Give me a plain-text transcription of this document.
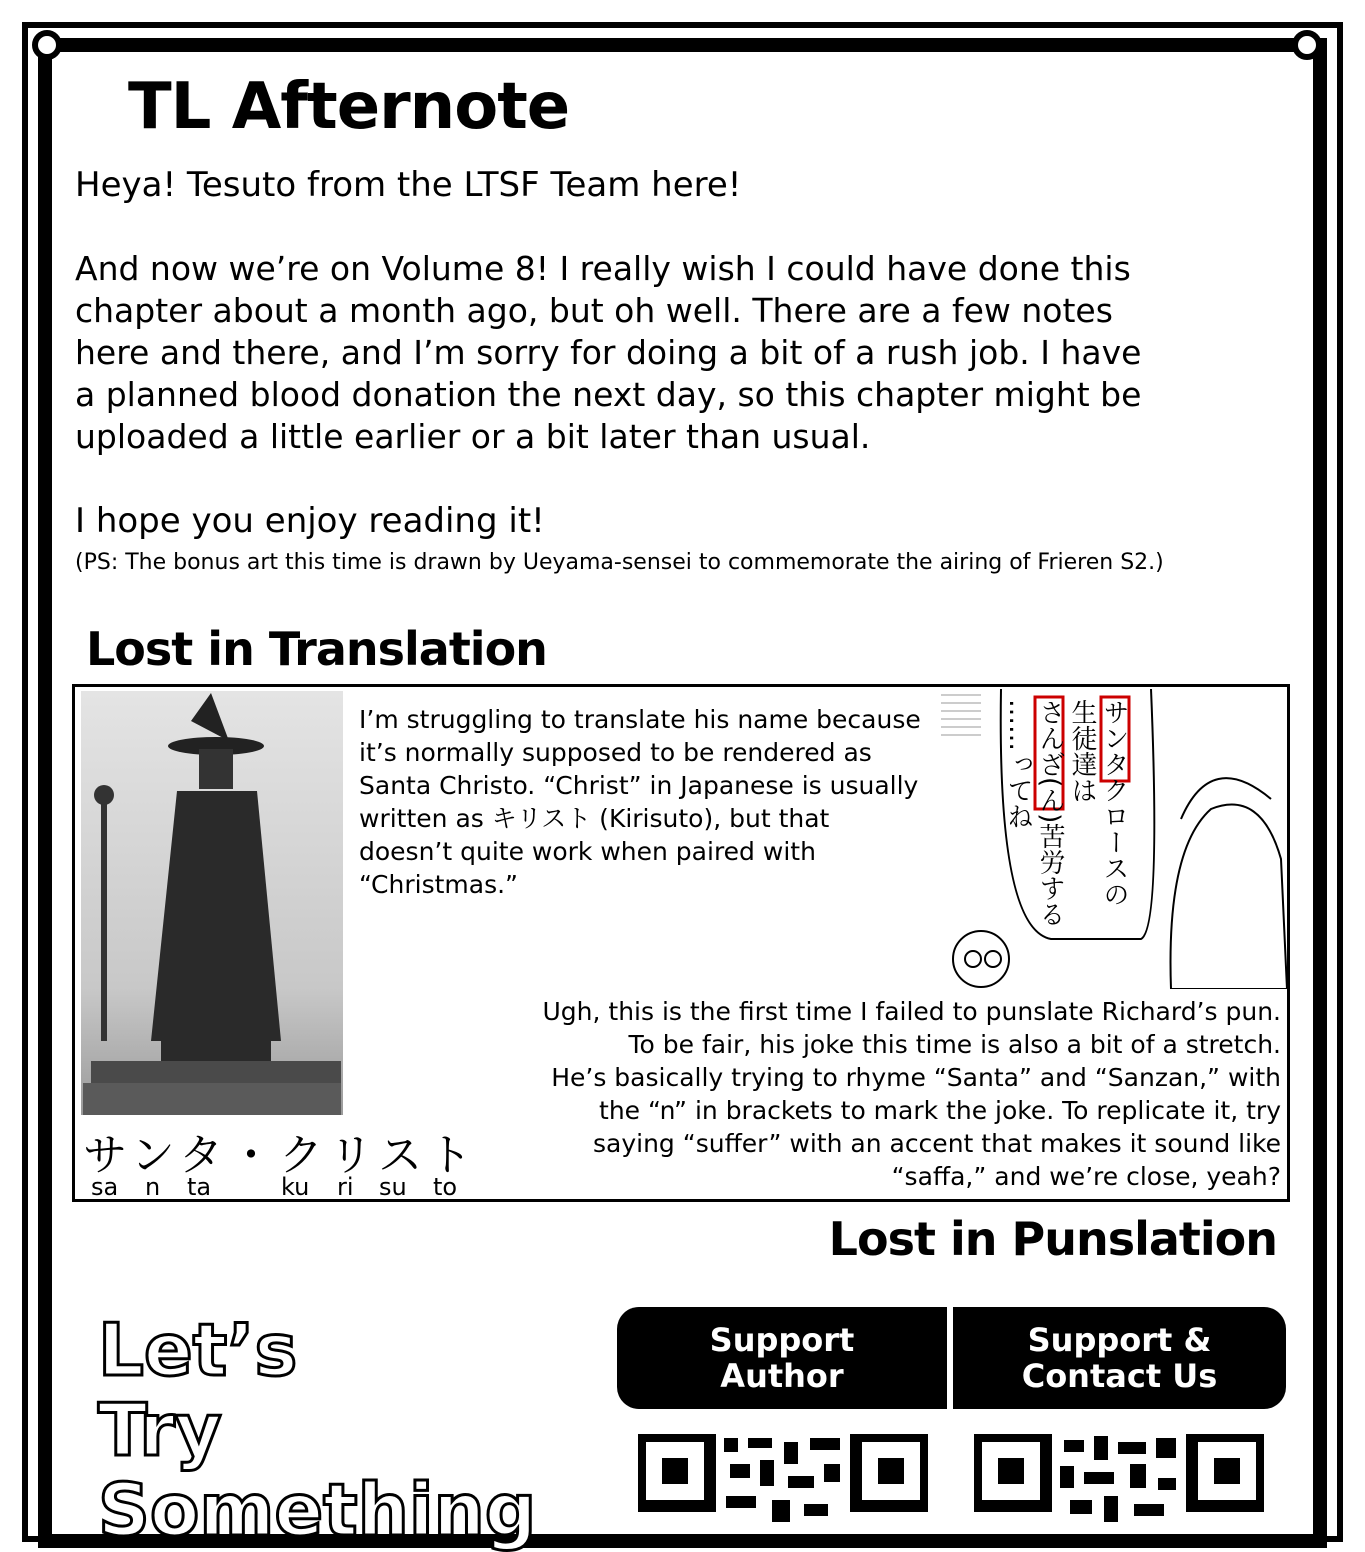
TL Afternote

Heya! Tesuto from the LTSF Team here!

And now we’re on Volume 8! I really wish I could have done this
chapter about a month ago, but oh well. There are a few notes
here and there, and I’m sorry for doing a bit of a rush job. I have
a planned blood donation the next day, so this chapter might be
uploaded a little earlier or a bit later than usual.

I hope you enjoy reading it!

(PS: The bonus art this time is drawn by Ueyama-sensei to commemorate the airing of Frieren S2.)

Lost in Translation

サンタ・クリスト

sa n ta	ku ri su to

I’m struggling to translate his name because
it’s normally supposed to be rendered as
Santa Christo. “Christ” in Japanese is usually
written as キリスト (Kirisuto), but that
doesn’t quite work when paired with
“Christmas.”	サンタクロースの

生徒達は

さんざ(ん)苦労する

……ってね

Ugh, this is the first time I failed to punslate Richard’s pun.
To be fair, his joke this time is also a bit of a stretch.
He’s basically trying to rhyme “Santa” and “Sanzan,” with
the “n” in brackets to mark the joke. To replicate it, try
saying “suffer” with an accent that makes it sound like
“saffa,” and we’re close, yeah?

Lost in Punslation

Let’s
Try
Something

Support
Author
Support &
Contact Us
